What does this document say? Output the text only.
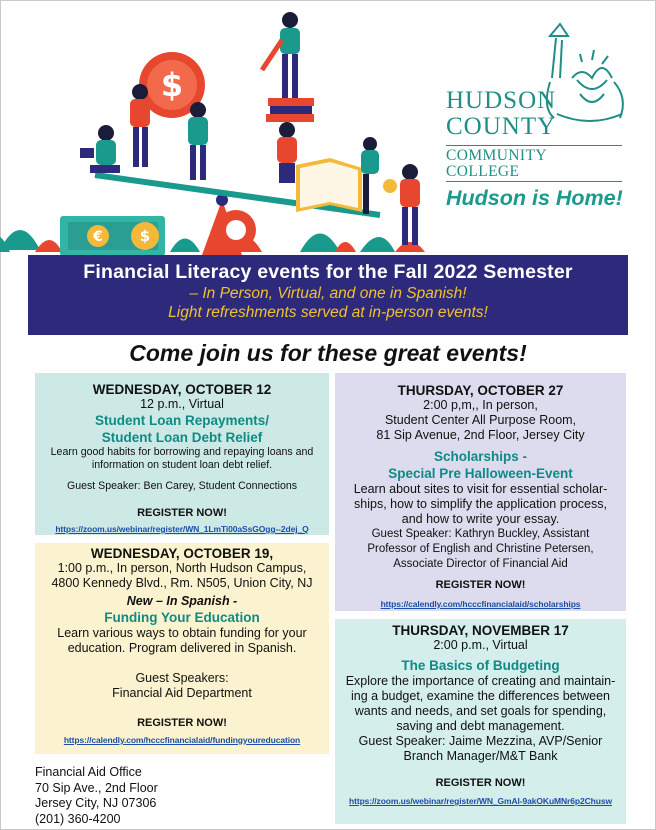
€ $
$	HUDSON
COUNTY
COMMUNITY COLLEGE
Hudson is Home!
Financial Literacy events for the Fall 2022 Semester
– In Person, Virtual, and one in Spanish!
Light refreshments served at in-person events!
Come join us for these great events!
WEDNESDAY, OCTOBER 12
12 p.m., Virtual
Student Loan Repayments/
Student Loan Debt Relief
Learn good habits for borrowing and repaying loans and
information on student loan debt relief.
Guest Speaker: Ben Carey, Student Connections
REGISTER NOW!
https://zoom.us/webinar/register/WN_1LmTi00aSsGOgg--2dej_Q
WEDNESDAY, OCTOBER 19,
1:00 p.m., In person, North Hudson Campus,
4800 Kennedy Blvd., Rm. N505, Union City, NJ
New – In Spanish -
Funding Your Education
Learn various ways to obtain funding for your
education. Program delivered in Spanish.
Guest Speakers:
Financial Aid Department
REGISTER NOW!
https://calendly.com/hcccfinancialaid/fundingyoureducation
THURSDAY, OCTOBER 27
2:00 p,m,, In person,
Student Center All Purpose Room,
81 Sip Avenue, 2nd Floor, Jersey City
Scholarships -
Special Pre Halloween-Event
Learn about sites to visit for essential scholar-
ships, how to simplify the application process,
and how to write your essay.
Guest Speaker: Kathryn Buckley, Assistant
Professor of English and Christine Petersen,
Associate Director of Financial Aid
REGISTER NOW!
https://calendly.com/hcccfinancialaid/scholarships
THURSDAY, NOVEMBER 17
2:00 p.m., Virtual
The Basics of Budgeting
Explore the importance of creating and maintain-
ing a budget, examine the differences between
wants and needs, and set goals for spending,
saving and debt management.
Guest Speaker: Jaime Mezzina, AVP/Senior
Branch Manager/M&T Bank
REGISTER NOW!
https://zoom.us/webinar/register/WN_GmAl-9akOKuMNr6p2Chusw
Financial Aid Office
70 Sip Ave., 2nd Floor
Jersey City, NJ 07306
(201) 360-4200
